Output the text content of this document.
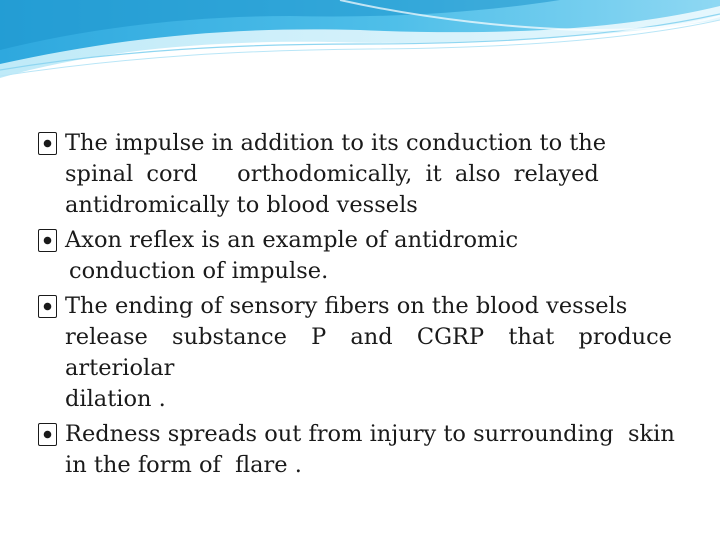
The impulse in addition to its conduction to the
spinal cord   orthodomically, it also relayed
antidromically to blood vessels
Axon reflex is an example of antidromic
conduction of impulse.
The ending of sensory fibers on the blood vessels
release substance P and CGRP that produce arteriolar
dilation .
Redness spreads out from injury to surrounding  skin
in the form of  flare .
